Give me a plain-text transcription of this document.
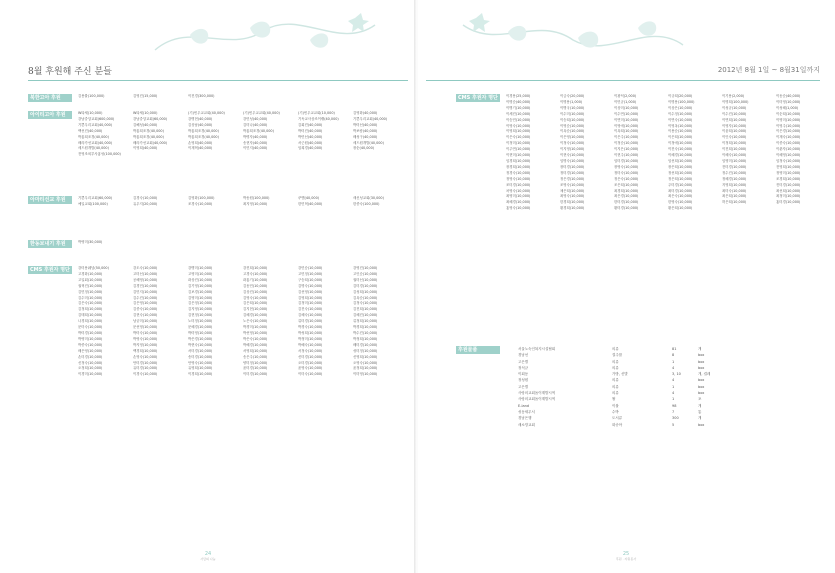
8월 후원해 주신 분들
북한고아 후원	김용률(100,000)	김영진(15,000)	이진경(300,000)
아이티고아 후원	W타세(10,000)	W타세(10,000)	(기)빈우교교회(40,000)	(기)빈우교교회(40,000)	(기)빈우교교회(10,000)	김영화(40,000)
강남중앙교회(600,000)	강남중앙교회(60,000)	강병현(40,000)	강민성(40,000)	기독교사상조이랭(40,000)	기쁜우리교회(40,000)
기쁜우리교회(40,000)	김해성(40,000)	김상남(40,000)	김미나(40,000)	김회진(40,000)	박미선(40,000)
백선진(40,000)	박홍희조경(40,000)	박홍희조경(40,000)	박홍희조경(40,000)	박미진(40,000)	박보람(40,000)
박홍희조경(40,000)	박홍희조경(40,000)	박홍희조경(40,000)	박명자(40,000)	박민선(40,000)	배성구(40,000)
배라가선교회(40,000)	배라가선교회(40,000)	손영희(40,000)	송현자(40,000)	서근원(40,000)	세드원개발(40,000)
세드원개발(40,000)	이영희(40,000)	이재혁(40,000)	이민지(40,000)	임희경(40,000)	장순(40,000)
전영조외부사홍성(100,000)
아마티선교 후원	기쁜우리교회(60,000)	김경숙(10,000)	김영화(100,000)	박동원(100,000)	쿠엔(40,000)	새신성교회(30,000)
예일교회(100,000)	유우지(20,000)	조경숙(10,000)	최지영(10,000)	한민혁(40,000)	한종숙(100,000)
한동보내기 후원	박영미(30,000)
CMS 후원자 명단	강미용쉐념(50,000)	강도숙(10,000)	강병미(10,000)	강진희(10,000)	강민승(10,000)	강영진(10,000)
고경화(10,000)	고미선(10,000)	고영미(10,000)	고경숙(10,000)	고민정(10,000)	고인순(10,000)
고일회(10,000)	공혜영(10,000)	곽상진(10,000)	곽홍기(10,000)	구승희(10,000)	권미선(10,000)
권혁진(10,000)	김경민(10,000)	김기영(10,000)	김동민(10,000)	김명숙(10,000)	김미경(10,000)
김민정(10,000)	김민지(10,000)	김보경(10,000)	김상진(10,000)	김선영(10,000)	김성희(10,000)
김수미(10,000)	김수진(10,000)	김영미(10,000)	김영숙(10,000)	김영희(10,000)	김옥순(10,000)
김은숙(10,000)	김은영(10,000)	김은정(10,000)	김은희(10,000)	김정미(10,000)	김정숙(10,000)
김정희(10,000)	김종숙(10,000)	김지영(10,000)	김지현(10,000)	김진숙(10,000)	김진희(10,000)
김태희(10,000)	김현숙(10,000)	김현정(10,000)	김혜경(10,000)	김혜숙(10,000)	김혜진(10,000)
나경희(10,000)	남궁미(10,000)	노미정(10,000)	노은숙(10,000)	류미경(10,000)	류정희(10,000)
문미숙(10,000)	문선영(10,000)	문혜경(10,000)	박경미(10,000)	박경숙(10,000)	박경희(10,000)
박미경(10,000)	박미숙(10,000)	박미영(10,000)	박선영(10,000)	박성희(10,000)	박수진(10,000)
박영미(10,000)	박영숙(10,000)	박은경(10,000)	박은숙(10,000)	박정미(10,000)	박정희(10,000)
박종숙(10,000)	박지영(10,000)	박현숙(10,000)	박혜경(10,000)	박혜숙(10,000)	배미경(10,000)
배은영(10,000)	백경희(10,000)	서미경(10,000)	서영희(10,000)	서정숙(10,000)	성미정(10,000)
손미경(10,000)	손영숙(10,000)	송미경(10,000)	송은주(10,000)	신미경(10,000)	신영희(10,000)
신정숙(10,000)	안미경(10,000)	안영숙(10,000)	양미정(10,000)	오미경(10,000)	오영숙(10,000)
오정희(10,000)	유미경(10,000)	유영희(10,000)	윤미경(10,000)	윤영숙(10,000)	윤정희(10,000)
이경미(10,000)	이경숙(10,000)	이경희(10,000)	이미경(10,000)	이미숙(10,000)	이미영(10,000)
24
사랑의 나눔
2012년 8월 1일 ~ 8월31일까지
CMS 후원자 명단	이경용(25,000)	이금숙(20,000)	이광덕(2,000)	이규희(20,000)	이기용(2,000)	이동순(40,000)
이명순(40,000)	이명용(1,000)	이민규(1,000)	이명용(100,000)	이명희(100,000)	이미영(10,000)
이병기(10,000)	이병국(10,000)	이상미(10,000)	이상은(10,000)	이성규(10,000)	이성혜(1,000)
이세진(10,000)	이수미(10,000)	이수연(10,000)	이수정(10,000)	이수진(10,000)	이순희(10,000)
이승민(10,000)	이승희(10,000)	이연미(10,000)	이연숙(10,000)	이연희(10,000)	이영미(10,000)
이영숙(10,000)	이영순(10,000)	이영애(10,000)	이영옥(10,000)	이영자(10,000)	이영주(10,000)
이영희(10,000)	이옥순(10,000)	이옥희(10,000)	이용순(10,000)	이윤희(10,000)	이은경(10,000)
이은숙(10,000)	이은영(10,000)	이은주(10,000)	이은희(10,000)	이인숙(10,000)	이재숙(10,000)
이정미(10,000)	이정숙(10,000)	이정순(10,000)	이정애(10,000)	이정희(10,000)	이종숙(10,000)
이주연(10,000)	이지영(10,000)	이지은(10,000)	이진숙(10,000)	이진희(10,000)	이춘자(10,000)
이현미(10,000)	이현숙(10,000)	이현주(10,000)	이혜경(10,000)	이혜숙(10,000)	이혜영(10,000)
임경희(10,000)	임명숙(10,000)	임미경(10,000)	임선희(10,000)	임영미(10,000)	임정숙(10,000)
장경희(10,000)	장미경(10,000)	장영숙(10,000)	장은희(10,000)	전미경(10,000)	전영희(10,000)
정경숙(10,000)	정미경(10,000)	정미숙(10,000)	정선희(10,000)	정수진(10,000)	정영미(10,000)
정영숙(10,000)	정은경(10,000)	정은숙(10,000)	정은희(10,000)	정혜경(10,000)	조경희(10,000)
조미경(10,000)	조영숙(10,000)	조은희(10,000)	주미경(10,000)	지영희(10,000)	진미경(10,000)
차영숙(10,000)	채은희(10,000)	최경희(10,000)	최미경(10,000)	최미숙(10,000)	최선희(10,000)
최영미(10,000)	최영숙(10,000)	최은경(10,000)	최은숙(10,000)	최은희(10,000)	최정미(10,000)
최혜경(10,000)	한경희(10,000)	한미경(10,000)	한영숙(10,000)	허은희(10,000)	홍미경(10,000)
홍영숙(10,000)	황경희(10,000)	황미경(10,000)	황은희(10,000)
후원물품	서울노숙인복지시설협회	의류	81	개
경남선	결주를	8	box
고은별	의류	1	box
정석규	의류	4	box
이회동	가방, 신발	3, 10	개, 켤레
정성원	의류	4	box
고은별	의류	1	box
사랑의교회돕이계발시역	의류	4	box
사랑의교회돕이계발시역	쌀	1	포
E-land	이불	98	개
성동세무서	수박	7	통
경남은행	도서류	300	개
새소망교회	화송아	5	box
25
후원 · 자원봉사
